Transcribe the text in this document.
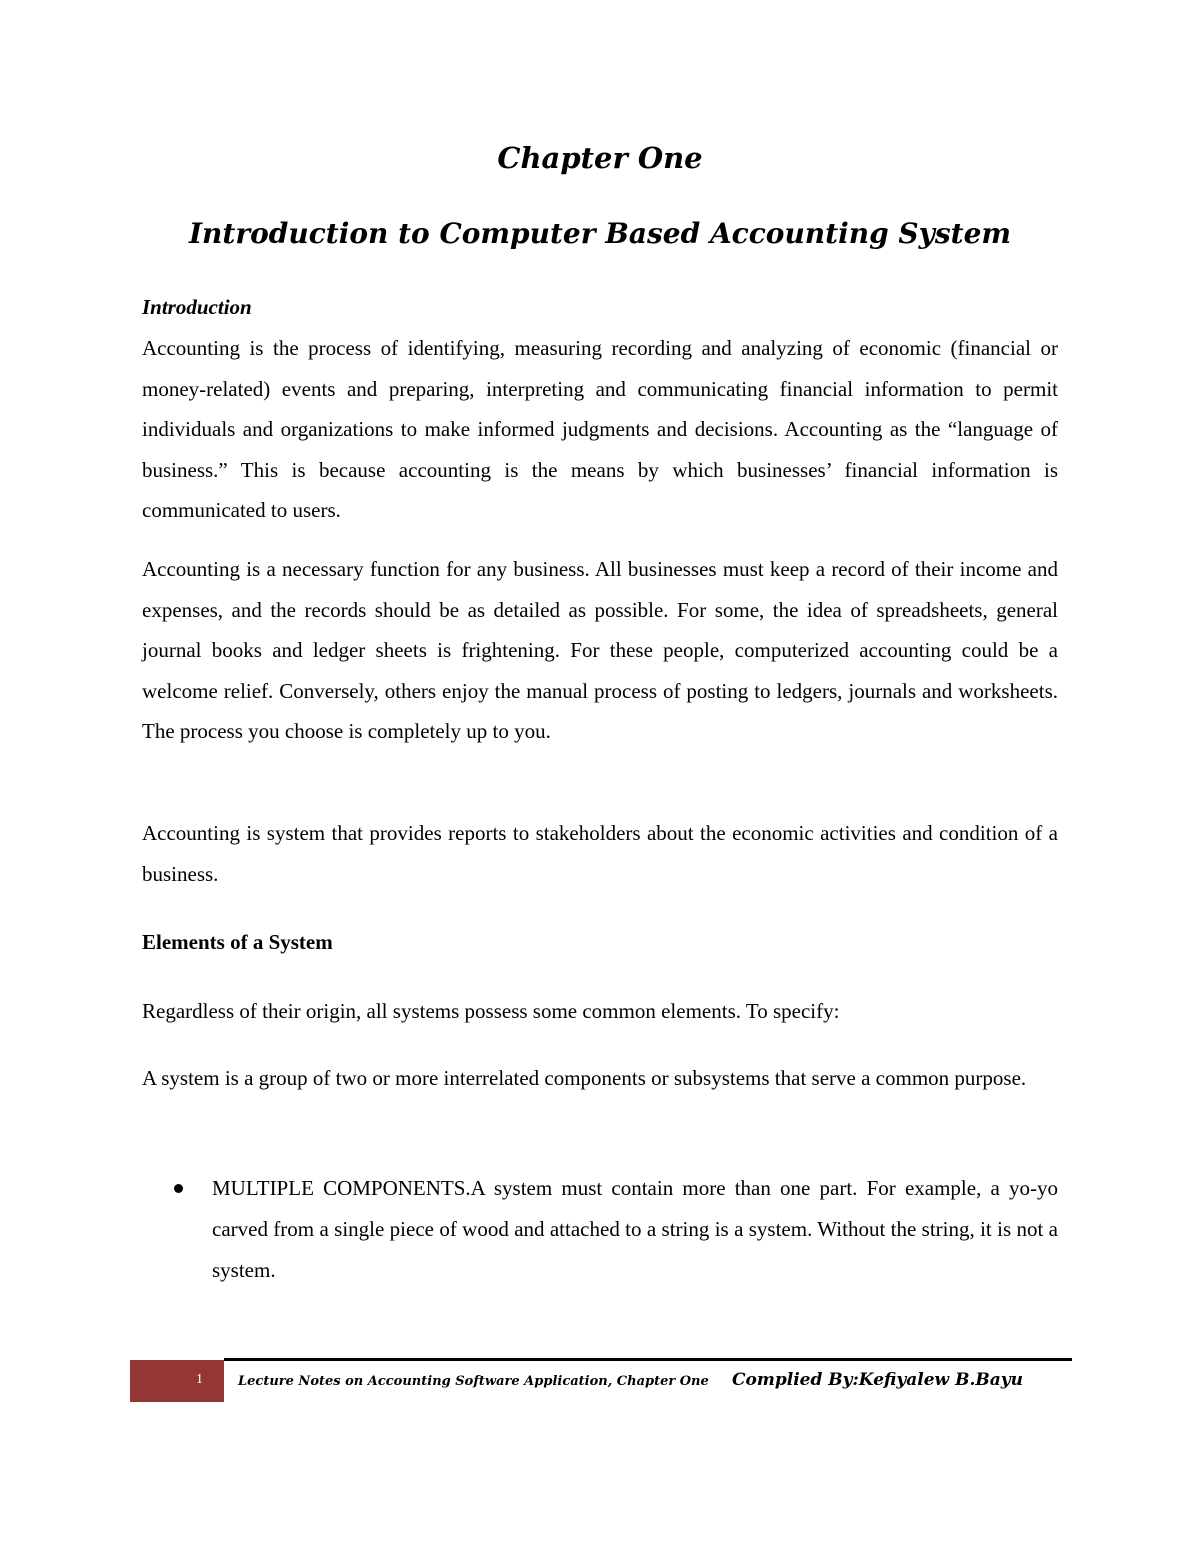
Chapter One
Introduction to Computer Based Accounting System
Introduction

Accounting is the process of identifying, measuring recording and analyzing of economic (financial or money-related) events and preparing, interpreting and communicating financial information to permit individuals and organizations to make informed judgments and decisions. Accounting as the “language of business.” This is because accounting is the means by which businesses’ financial information is communicated to users.

Accounting is a necessary function for any business. All businesses must keep a record of their income and expenses, and the records should be as detailed as possible. For some, the idea of spreadsheets, general journal books and ledger sheets is frightening. For these people, computerized accounting could be a welcome relief. Conversely, others enjoy the manual process of posting to ledgers, journals and worksheets. The process you choose is completely up to you.

Accounting is system that provides reports to stakeholders about the economic activities and condition of a business.

Elements of a System

Regardless of their origin, all systems possess some common elements. To specify:

A system is a group of two or more interrelated components or subsystems that serve a common purpose.

MULTIPLE COMPONENTS.A system must contain more than one part. For example, a yo-yo carved from a single piece of wood and attached to a string is a system. Without the string, it is not a system.
1	Lecture Notes on Accounting Software Application, Chapter One Complied By:Kefiyalew B.Bayu
